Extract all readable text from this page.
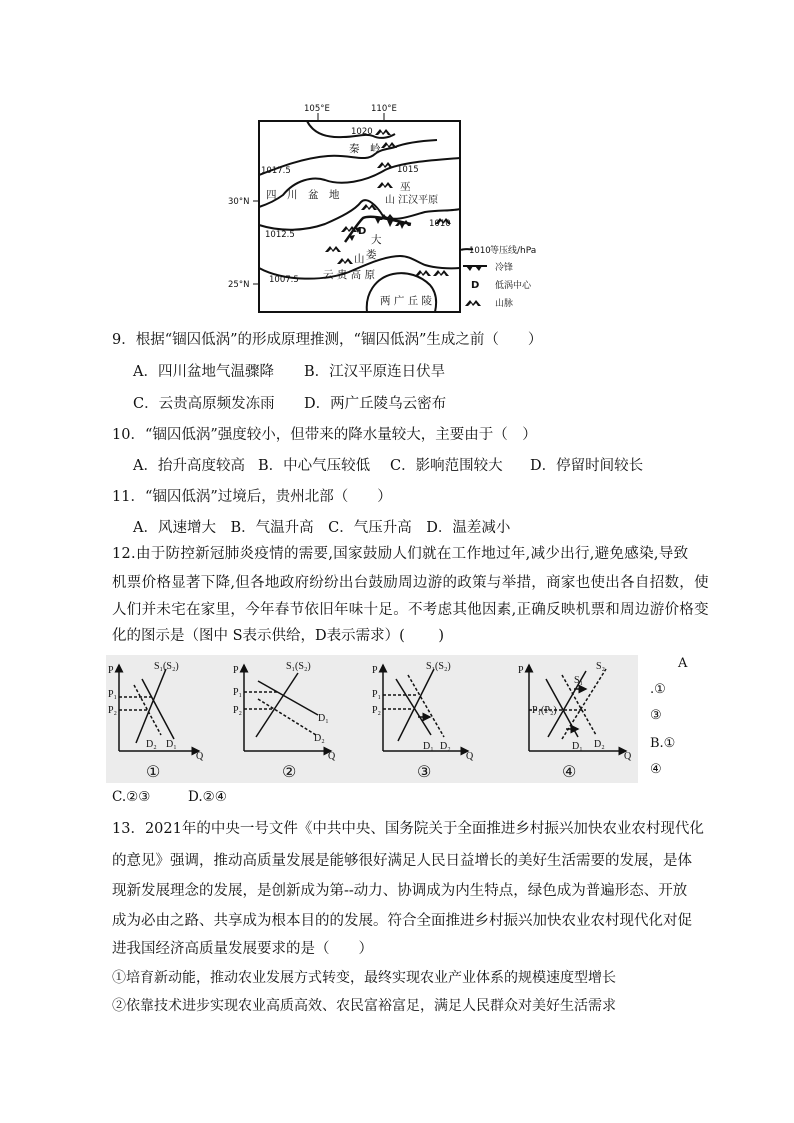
105°E	110°E
30°N
25°N
1020
1017.5	1015
1012.5
1010
1007.5
秦　岭
四　川　盆　地
巫
山 江汉平原
大
娄
山
云 贵 高 原
两 广 丘 陵
D
1010 等压线/hPa
冷锋
D 低涡中心
山脉
9．根据“锢囚低涡”的形成原理推测，“锢囚低涡”生成之前（　　）
A．四川盆地气温骤降 B．江汉平原连日伏旱
C．云贵高原频发冻雨 D．两广丘陵乌云密布
10．“锢囚低涡”强度较小，但带来的降水量较大，主要由于（　）
A．抬升高度较高 B．中心气压较低 C．影响范围较大 D．停留时间较长
11．“锢囚低涡”过境后，贵州北部（　　）
A．风速增大　B．气温升高　C．气压升高　D．温差减小
12.由于防控新冠肺炎疫情的需要,国家鼓励人们就在工作地过年,减少出行,避免感染,导致
机票价格显著下降,但各地政府纷纷出台鼓励周边游的政策与举措，商家也使出各自招数，使
人们并未宅在家里，今年春节依旧年味十足。不考虑其他因素,正确反映机票和周边游价格变
化的图示是（图中 S表示供给，D表示需求）(　　 )
P
P₁
P₂
S₁(S₂)
D₂ D₁
Q
P
P₁
P₂
S₁(S₂)
D₁
D₂
Q
P
P₁
P₂
S₁(S₂)
D₁ D₂
Q
P
P₁(P₂)
S₂
S₁
D₁ D₂
Q
①	②	③	④
A
.①
③
B.①
④
C.②③	D.②④
13．2021年的中央一号文件《中共中央、国务院关于全面推进乡村振兴加快农业农村现代化
的意见》强调，推动高质量发展是能够很好满足人民日益增长的美好生活需要的发展，是体
现新发展理念的发展，是创新成为第--动力、协调成为内生特点，绿色成为普遍形态、开放
成为必由之路、共享成为根本目的的发展。符合全面推进乡村振兴加快农业农村现代化对促
进我国经济高质量发展要求的是（　　）
①培育新动能，推动农业发展方式转变，最终实现农业产业体系的规模速度型增长
②依靠技术进步实现农业高质高效、农民富裕富足，满足人民群众对美好生活需求
